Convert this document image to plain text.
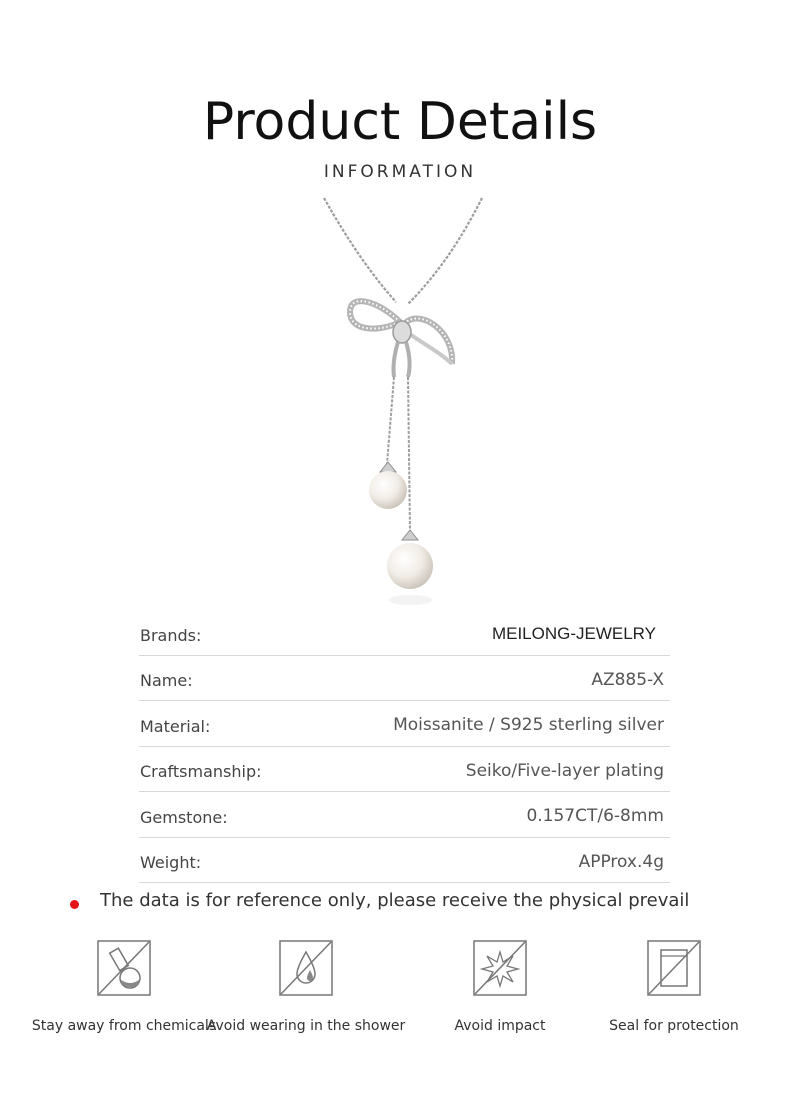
Product Details
INFORMATION
Brands:	MEILONG-JEWELRY
Name:	AZ885-X
Material:	Moissanite / S925 sterling silver
Craftsmanship:	Seiko/Five-layer plating
Gemstone:	0.157CT/6-8mm
Weight:	APProx.4g
The data is for reference only, please receive the physical prevail
Stay away from chemicals
Avoid wearing in the shower	Avoid impact	Seal for protection
